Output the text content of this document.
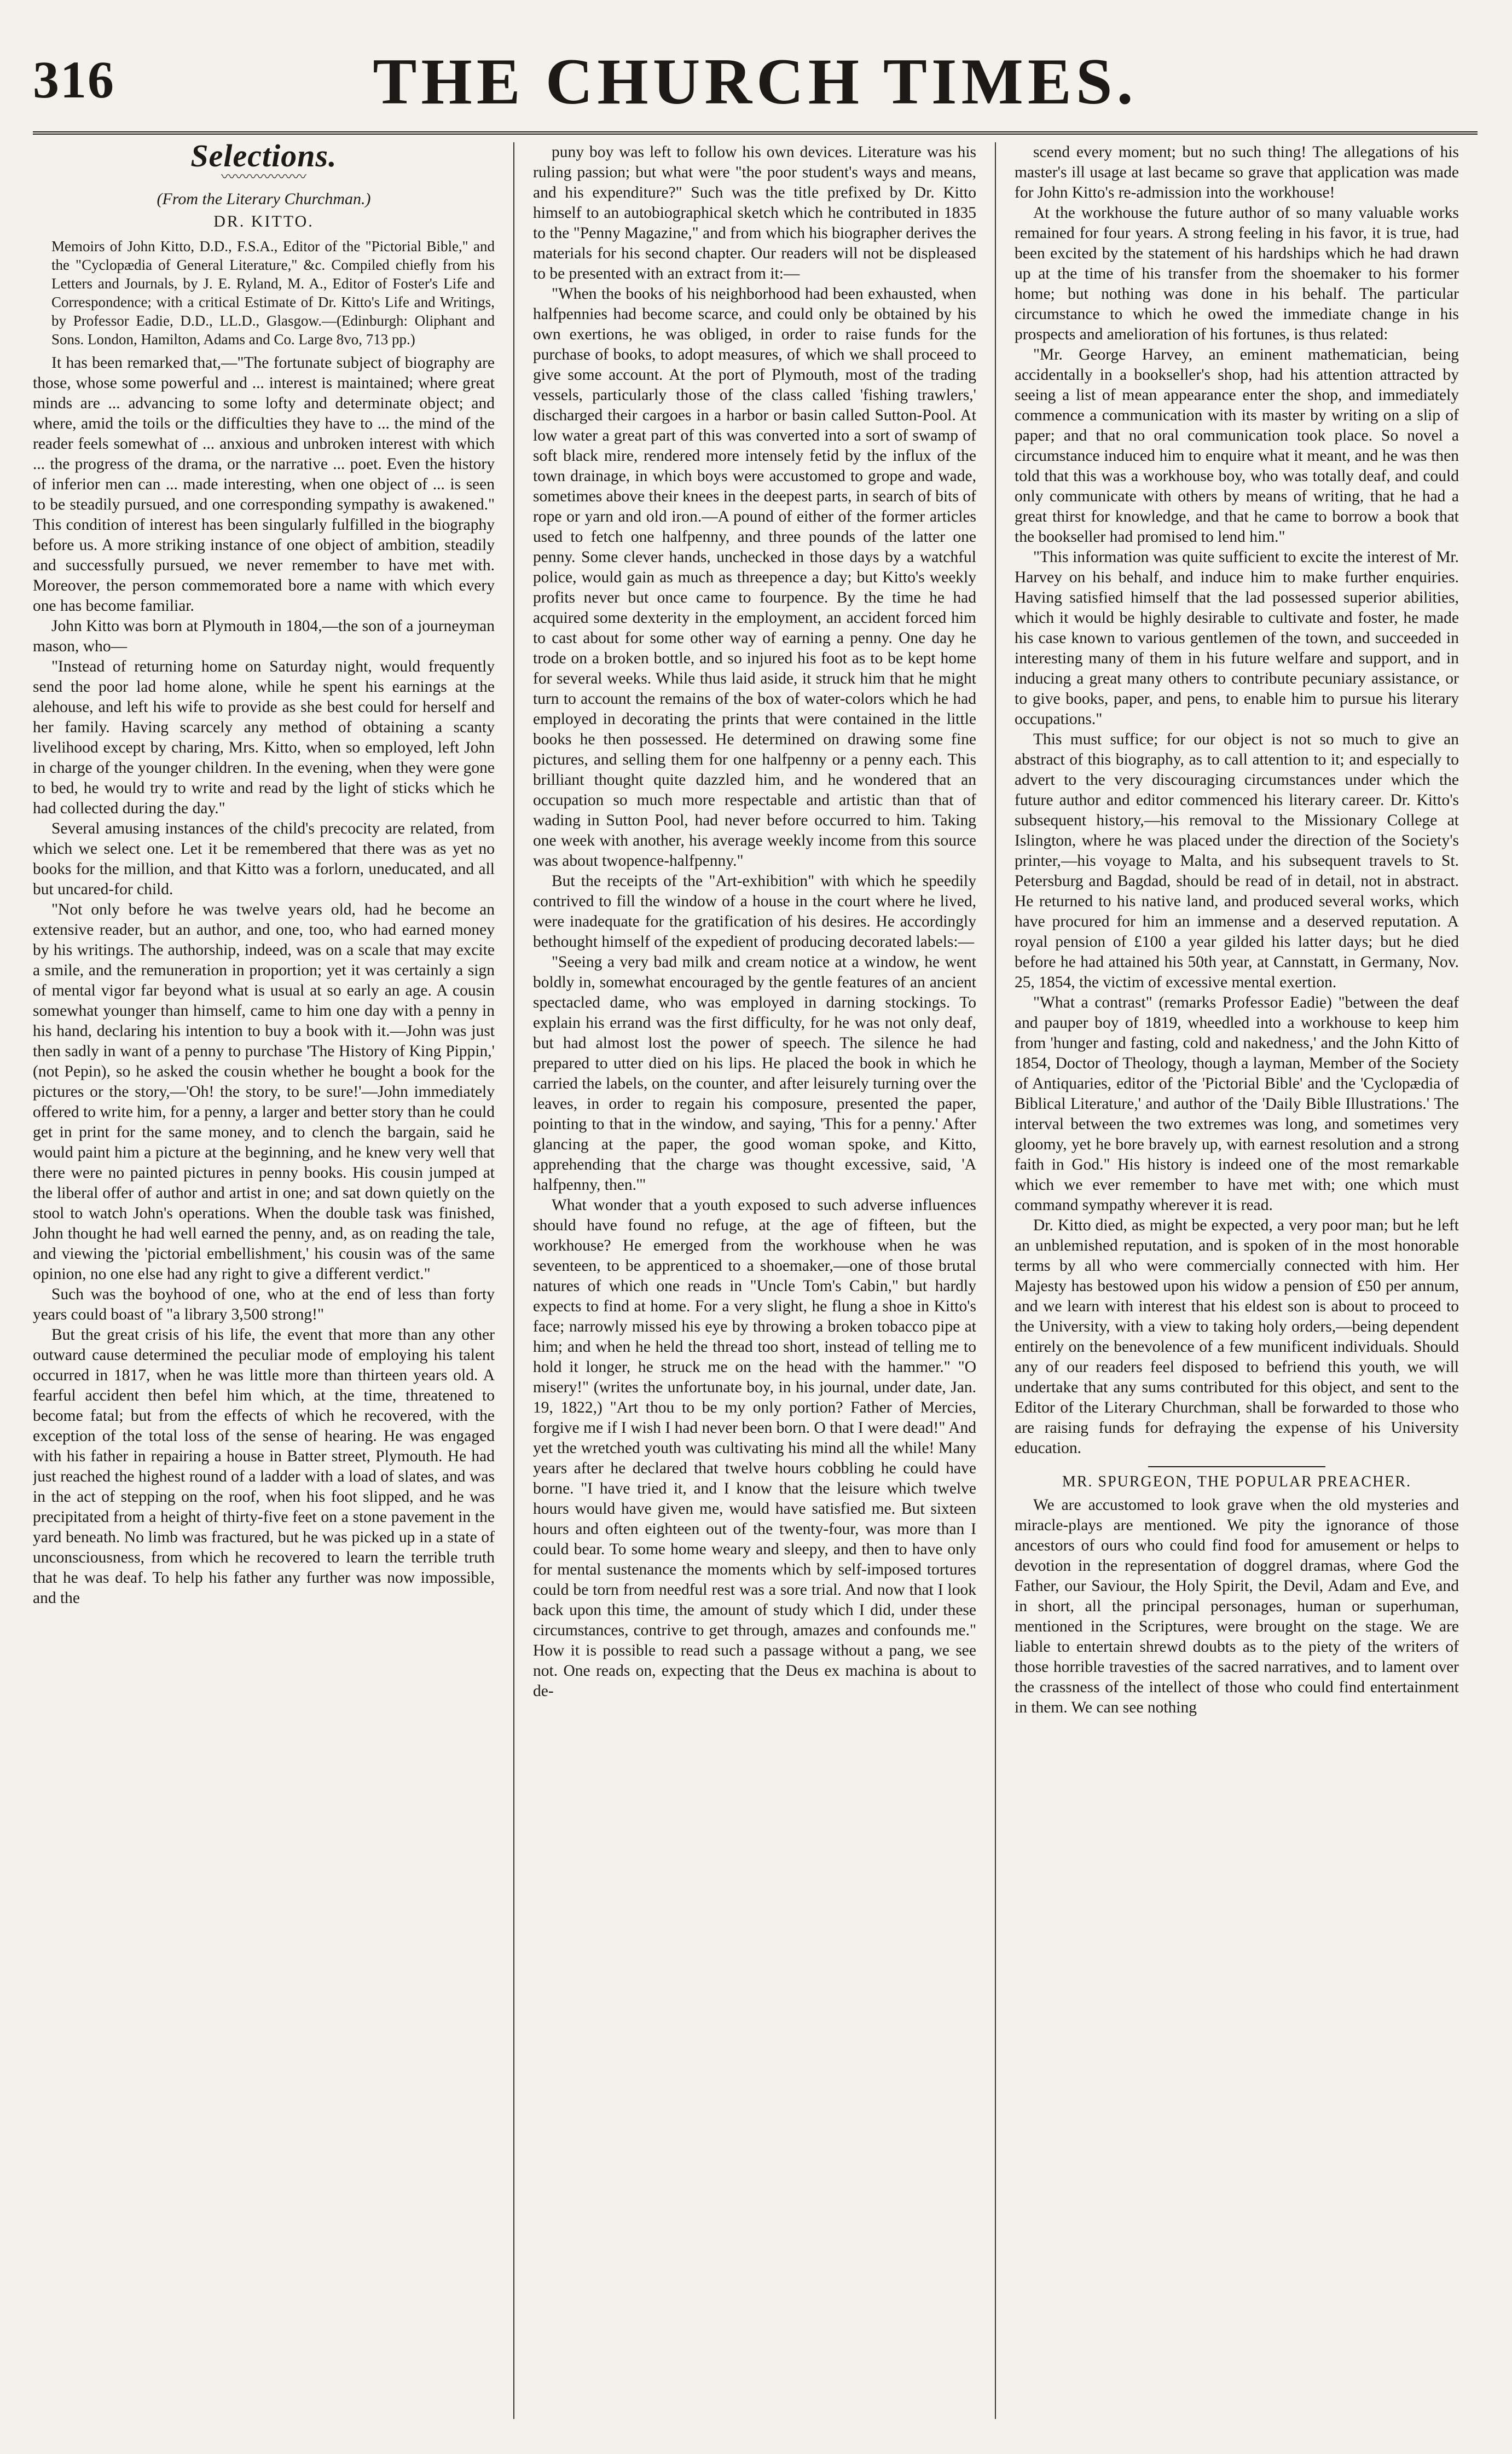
316	THE CHURCH TIMES.
Selections.
〰〰〰〰〰〰
(From the Literary Churchman.)
DR. KITTO.

Memoirs of John Kitto, D.D., F.S.A., Editor of the "Pictorial Bible," and the "Cyclopædia of General Literature," &c. Compiled chiefly from his Letters and Journals, by J. E. Ryland, M. A., Editor of Foster's Life and Correspondence; with a critical Estimate of Dr. Kitto's Life and Writings, by Professor Eadie, D.D., LL.D., Glasgow.—(Edinburgh: Oliphant and Sons. London, Hamilton, Adams and Co. Large 8vo, 713 pp.)

It has been remarked that,—"The fortunate subject of biography are those, whose some powerful and ... interest is maintained; where great minds are ... advancing to some lofty and determinate object; and where, amid the toils or the difficulties they have to ... the mind of the reader feels somewhat of ... anxious and unbroken interest with which ... the progress of the drama, or the narrative ... poet. Even the history of inferior men can ... made interesting, when one object of ... is seen to be steadily pursued, and one corresponding sympathy is awakened." This condition of interest has been singularly fulfilled in the biography before us. A more striking instance of one object of ambition, steadily and successfully pursued, we never remember to have met with. Moreover, the person commemorated bore a name with which every one has become familiar.

John Kitto was born at Plymouth in 1804,—the son of a journeyman mason, who—

"Instead of returning home on Saturday night, would frequently send the poor lad home alone, while he spent his earnings at the alehouse, and left his wife to provide as she best could for herself and her family. Having scarcely any method of obtaining a scanty livelihood except by charing, Mrs. Kitto, when so employed, left John in charge of the younger children. In the evening, when they were gone to bed, he would try to write and read by the light of sticks which he had collected during the day."

Several amusing instances of the child's precocity are related, from which we select one. Let it be remembered that there was as yet no books for the million, and that Kitto was a forlorn, uneducated, and all but uncared-for child.

"Not only before he was twelve years old, had he become an extensive reader, but an author, and one, too, who had earned money by his writings. The authorship, indeed, was on a scale that may excite a smile, and the remuneration in proportion; yet it was certainly a sign of mental vigor far beyond what is usual at so early an age. A cousin somewhat younger than himself, came to him one day with a penny in his hand, declaring his intention to buy a book with it.—John was just then sadly in want of a penny to purchase 'The History of King Pippin,' (not Pepin), so he asked the cousin whether he bought a book for the pictures or the story,—'Oh! the story, to be sure!'—John immediately offered to write him, for a penny, a larger and better story than he could get in print for the same money, and to clench the bargain, said he would paint him a picture at the beginning, and he knew very well that there were no painted pictures in penny books. His cousin jumped at the liberal offer of author and artist in one; and sat down quietly on the stool to watch John's operations. When the double task was finished, John thought he had well earned the penny, and, as on reading the tale, and viewing the 'pictorial embellishment,' his cousin was of the same opinion, no one else had any right to give a different verdict."

Such was the boyhood of one, who at the end of less than forty years could boast of "a library 3,500 strong!"

But the great crisis of his life, the event that more than any other outward cause determined the peculiar mode of employing his talent occurred in 1817, when he was little more than thirteen years old. A fearful accident then befel him which, at the time, threatened to become fatal; but from the effects of which he recovered, with the exception of the total loss of the sense of hearing. He was engaged with his father in repairing a house in Batter street, Plymouth. He had just reached the highest round of a ladder with a load of slates, and was in the act of stepping on the roof, when his foot slipped, and he was precipitated from a height of thirty-five feet on a stone pavement in the yard beneath. No limb was fractured, but he was picked up in a state of unconsciousness, from which he recovered to learn the terrible truth that he was deaf. To help his father any further was now impossible, and the

puny boy was left to follow his own devices. Literature was his ruling passion; but what were "the poor student's ways and means, and his expenditure?" Such was the title prefixed by Dr. Kitto himself to an autobiographical sketch which he contributed in 1835 to the "Penny Magazine," and from which his biographer derives the materials for his second chapter. Our readers will not be displeased to be presented with an extract from it:—

"When the books of his neighborhood had been exhausted, when halfpennies had become scarce, and could only be obtained by his own exertions, he was obliged, in order to raise funds for the purchase of books, to adopt measures, of which we shall proceed to give some account. At the port of Plymouth, most of the trading vessels, particularly those of the class called 'fishing trawlers,' discharged their cargoes in a harbor or basin called Sutton-Pool. At low water a great part of this was converted into a sort of swamp of soft black mire, rendered more intensely fetid by the influx of the town drainage, in which boys were accustomed to grope and wade, sometimes above their knees in the deepest parts, in search of bits of rope or yarn and old iron.—A pound of either of the former articles used to fetch one halfpenny, and three pounds of the latter one penny. Some clever hands, unchecked in those days by a watchful police, would gain as much as threepence a day; but Kitto's weekly profits never but once came to fourpence. By the time he had acquired some dexterity in the employment, an accident forced him to cast about for some other way of earning a penny. One day he trode on a broken bottle, and so injured his foot as to be kept home for several weeks. While thus laid aside, it struck him that he might turn to account the remains of the box of water-colors which he had employed in decorating the prints that were contained in the little books he then possessed. He determined on drawing some fine pictures, and selling them for one halfpenny or a penny each. This brilliant thought quite dazzled him, and he wondered that an occupation so much more respectable and artistic than that of wading in Sutton Pool, had never before occurred to him. Taking one week with another, his average weekly income from this source was about twopence-halfpenny."

But the receipts of the "Art-exhibition" with which he speedily contrived to fill the window of a house in the court where he lived, were inadequate for the gratification of his desires. He accordingly bethought himself of the expedient of producing decorated labels:—

"Seeing a very bad milk and cream notice at a window, he went boldly in, somewhat encouraged by the gentle features of an ancient spectacled dame, who was employed in darning stockings. To explain his errand was the first difficulty, for he was not only deaf, but had almost lost the power of speech. The silence he had prepared to utter died on his lips. He placed the book in which he carried the labels, on the counter, and after leisurely turning over the leaves, in order to regain his composure, presented the paper, pointing to that in the window, and saying, 'This for a penny.' After glancing at the paper, the good woman spoke, and Kitto, apprehending that the charge was thought excessive, said, 'A halfpenny, then.'"

What wonder that a youth exposed to such adverse influences should have found no refuge, at the age of fifteen, but the workhouse? He emerged from the workhouse when he was seventeen, to be apprenticed to a shoemaker,—one of those brutal natures of which one reads in "Uncle Tom's Cabin," but hardly expects to find at home. For a very slight, he flung a shoe in Kitto's face; narrowly missed his eye by throwing a broken tobacco pipe at him; and when he held the thread too short, instead of telling me to hold it longer, he struck me on the head with the hammer." "O misery!" (writes the unfortunate boy, in his journal, under date, Jan. 19, 1822,) "Art thou to be my only portion? Father of Mercies, forgive me if I wish I had never been born. O that I were dead!" And yet the wretched youth was cultivating his mind all the while! Many years after he declared that twelve hours cobbling he could have borne. "I have tried it, and I know that the leisure which twelve hours would have given me, would have satisfied me. But sixteen hours and often eighteen out of the twenty-four, was more than I could bear. To some home weary and sleepy, and then to have only for mental sustenance the moments which by self-imposed tortures could be torn from needful rest was a sore trial. And now that I look back upon this time, the amount of study which I did, under these circumstances, contrive to get through, amazes and confounds me." How it is possible to read such a passage without a pang, we see not. One reads on, expecting that the Deus ex machina is about to de-

scend every moment; but no such thing! The allegations of his master's ill usage at last became so grave that application was made for John Kitto's re-admission into the workhouse!

At the workhouse the future author of so many valuable works remained for four years. A strong feeling in his favor, it is true, had been excited by the statement of his hardships which he had drawn up at the time of his transfer from the shoemaker to his former home; but nothing was done in his behalf. The particular circumstance to which he owed the immediate change in his prospects and amelioration of his fortunes, is thus related:

"Mr. George Harvey, an eminent mathematician, being accidentally in a bookseller's shop, had his attention attracted by seeing a list of mean appearance enter the shop, and immediately commence a communication with its master by writing on a slip of paper; and that no oral communication took place. So novel a circumstance induced him to enquire what it meant, and he was then told that this was a workhouse boy, who was totally deaf, and could only communicate with others by means of writing, that he had a great thirst for knowledge, and that he came to borrow a book that the bookseller had promised to lend him."

"This information was quite sufficient to excite the interest of Mr. Harvey on his behalf, and induce him to make further enquiries. Having satisfied himself that the lad possessed superior abilities, which it would be highly desirable to cultivate and foster, he made his case known to various gentlemen of the town, and succeeded in interesting many of them in his future welfare and support, and in inducing a great many others to contribute pecuniary assistance, or to give books, paper, and pens, to enable him to pursue his literary occupations."

This must suffice; for our object is not so much to give an abstract of this biography, as to call attention to it; and especially to advert to the very discouraging circumstances under which the future author and editor commenced his literary career. Dr. Kitto's subsequent history,—his removal to the Missionary College at Islington, where he was placed under the direction of the Society's printer,—his voyage to Malta, and his subsequent travels to St. Petersburg and Bagdad, should be read of in detail, not in abstract. He returned to his native land, and produced several works, which have procured for him an immense and a deserved reputation. A royal pension of £100 a year gilded his latter days; but he died before he had attained his 50th year, at Cannstatt, in Germany, Nov. 25, 1854, the victim of excessive mental exertion.

"What a contrast" (remarks Professor Eadie) "between the deaf and pauper boy of 1819, wheedled into a workhouse to keep him from 'hunger and fasting, cold and nakedness,' and the John Kitto of 1854, Doctor of Theology, though a layman, Member of the Society of Antiquaries, editor of the 'Pictorial Bible' and the 'Cyclopædia of Biblical Literature,' and author of the 'Daily Bible Illustrations.' The interval between the two extremes was long, and sometimes very gloomy, yet he bore bravely up, with earnest resolution and a strong faith in God." His history is indeed one of the most remarkable which we ever remember to have met with; one which must command sympathy wherever it is read.

Dr. Kitto died, as might be expected, a very poor man; but he left an unblemished reputation, and is spoken of in the most honorable terms by all who were commercially connected with him. Her Majesty has bestowed upon his widow a pension of £50 per annum, and we learn with interest that his eldest son is about to proceed to the University, with a view to taking holy orders,—being dependent entirely on the benevolence of a few munificent individuals. Should any of our readers feel disposed to befriend this youth, we will undertake that any sums contributed for this object, and sent to the Editor of the Literary Churchman, shall be forwarded to those who are raising funds for defraying the expense of his University education.

MR. SPURGEON, THE POPULAR PREACHER.

We are accustomed to look grave when the old mysteries and miracle-plays are mentioned. We pity the ignorance of those ancestors of ours who could find food for amusement or helps to devotion in the representation of doggrel dramas, where God the Father, our Saviour, the Holy Spirit, the Devil, Adam and Eve, and in short, all the principal personages, human or superhuman, mentioned in the Scriptures, were brought on the stage. We are liable to entertain shrewd doubts as to the piety of the writers of those horrible travesties of the sacred narratives, and to lament over the crassness of the intellect of those who could find entertainment in them. We can see nothing
